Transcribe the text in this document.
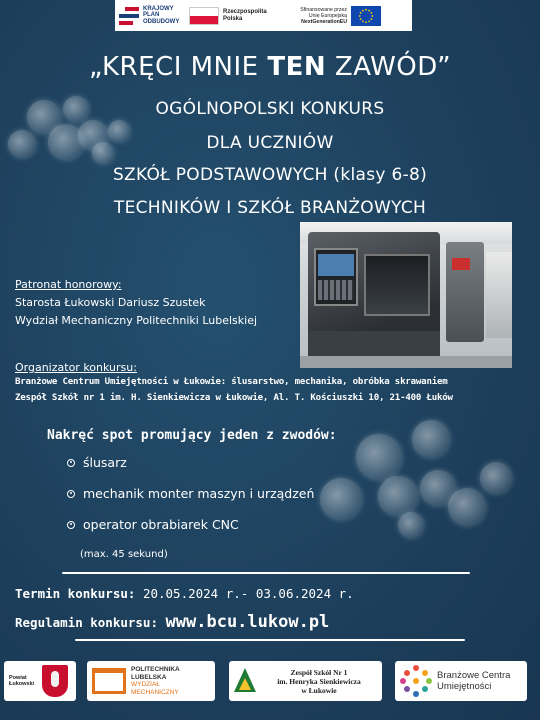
KRAJOWY
PLAN
ODBUDOWY
Rzeczpospolita
Polska
Sfinansowane przez
Unię Europejską
NextGenerationEU
„KRĘCI MNIE TEN ZAWÓD”
OGÓLNOPOLSKI KONKURS
DLA UCZNIÓW
SZKÓŁ PODSTAWOWYCH (klasy 6-8)
TECHNIKÓW I SZKÓŁ BRANŻOWYCH
Patronat honorowy:
Starosta Łukowski Dariusz Szustek
Wydział Mechaniczny Politechniki Lubelskiej
Organizator konkursu:
Branżowe Centrum Umiejętności w Łukowie: ślusarstwo, mechanika, obróbka skrawaniem
Zespół Szkół nr 1 im. H. Sienkiewicza w Łukowie, Al. T. Kościuszki 10, 21-400 Łuków
Nakręć spot promujący jeden z zwodów:
ślusarz
mechanik monter maszyn i urządzeń
operator obrabiarek CNC
(max. 45 sekund)
Termin konkursu: 20.05.2024 r.- 03.06.2024 r.
Regulamin konkursu: www.bcu.lukow.pl
Powiat
Łukowski
POLITECHNIKA
LUBELSKA
WYDZIAŁ
MECHANICZNY
Zespół Szkół Nr 1
im. Henryka Sienkiewicza
w Łukowie
Branżowe Centra
Umiejętności
